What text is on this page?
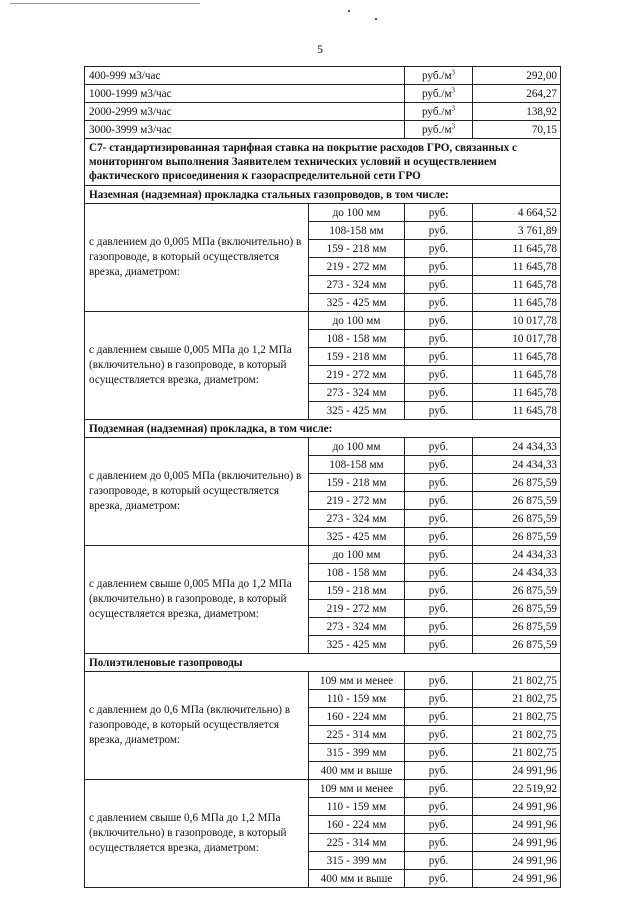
5
400-999 м3/час		$руб./м^3$	292,00
1000-1999 м3/час		$руб./м^3$	264,27
2000-2999 м3/час		$руб./м^3$	138,92
3000-3999 м3/час		$руб./м^3$	70,15
С7- стандартизированная тарифная ставка на покрытие расходов ГРО, связанных с мониторингом выполнения Заявителем технических условий и осуществлением фактического присоединения к газораспределительной сети ГРО			
Наземная (надземная) прокладка стальных газопроводов, в том числе:			
с давлением до 0,005 МПа (включительно) в газопроводе, в который осуществляется врезка, диаметром:	до 100 мм	руб.	4 664,52
	108-158 мм	руб.	3 761,89
	159 - 218 мм	руб.	11 645,78
	219 - 272 мм	руб.	11 645,78
	273 - 324 мм	руб.	11 645,78
	325 - 425 мм	руб.	11 645,78
с давлением свыше 0,005 МПа до 1,2 МПа (включительно) в газопроводе, в который осуществляется врезка, диаметром:	до 100 мм	руб.	10 017,78
	108 - 158 мм	руб.	10 017,78
	159 - 218 мм	руб.	11 645,78
	219 - 272 мм	руб.	11 645,78
	273 - 324 мм	руб.	11 645,78
	325 - 425 мм	руб.	11 645,78
Подземная (надземная) прокладка, в том числе:			
с давлением до 0,005 МПа (включительно) в газопроводе, в который осуществляется врезка, диаметром:	до 100 мм	руб.	24 434,33
	108-158 мм	руб.	24 434,33
	159 - 218 мм	руб.	26 875,59
	219 - 272 мм	руб.	26 875,59
	273 - 324 мм	руб.	26 875,59
	325 - 425 мм	руб.	26 875,59
с давлением свыше 0,005 МПа до 1,2 МПа (включительно) в газопроводе, в который осуществляется врезка, диаметром:	до 100 мм	руб.	24 434,33
	108 - 158 мм	руб.	24 434,33
	159 - 218 мм	руб.	26 875,59
	219 - 272 мм	руб.	26 875,59
	273 - 324 мм	руб.	26 875,59
	325 - 425 мм	руб.	26 875,59
Полиэтиленовые газопроводы			
с давлением до 0,6 МПа (включительно) в газопроводе, в который осуществляется врезка, диаметром:	109 мм и менее	руб.	21 802,75
	110 - 159 мм	руб.	21 802,75
	160 - 224 мм	руб.	21 802,75
	225 - 314 мм	руб.	21 802,75
	315 - 399 мм	руб.	21 802,75
	400 мм и выше	руб.	24 991,96
с давлением свыше 0,6 МПа до 1,2 МПа (включительно) в газопроводе, в который осуществляется врезка, диаметром:	109 мм и менее	руб.	22 519,92
	110 - 159 мм	руб.	24 991,96
	160 - 224 мм	руб.	24 991,96
	225 - 314 мм	руб.	24 991,96
	315 - 399 мм	руб.	24 991,96
	400 мм и выше	руб.	24 991,96
